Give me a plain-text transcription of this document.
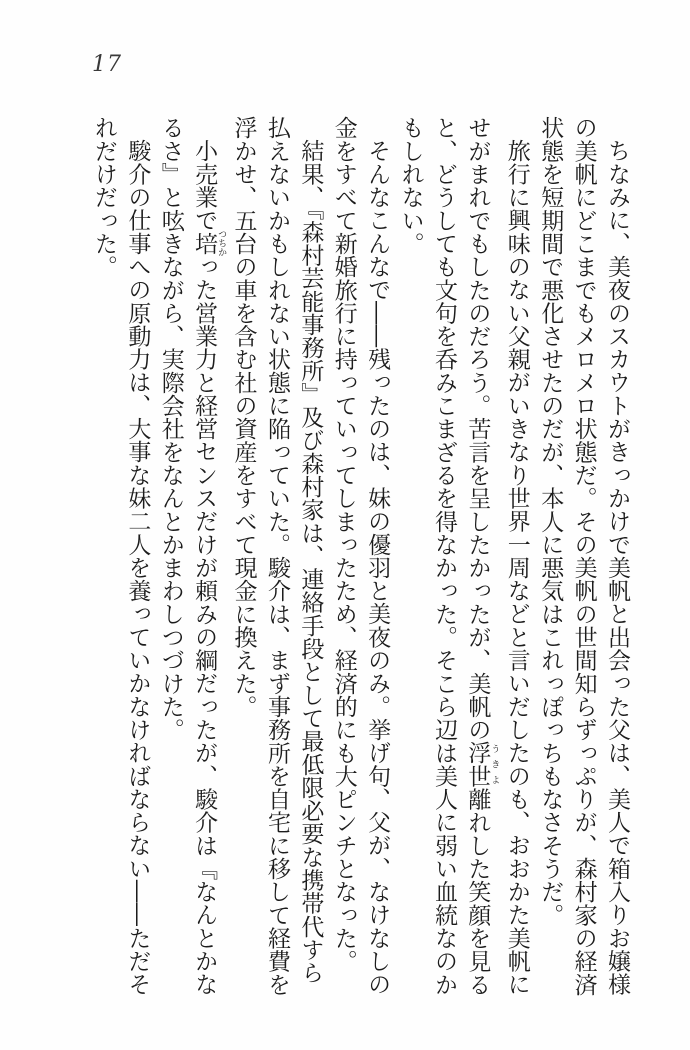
17

ちなみに、美夜のスカウトがきっかけで美帆と出会った父は、美人で箱入りお嬢様

の美帆にどこまでもメロメロ状態だ。その美帆の世間知らずっぷりが、森村家の経済

状態を短期間で悪化させたのだが、本人に悪気はこれっぽっちもなさそうだ。

旅行に興味のない父親がいきなり世界一周などと言いだしたのも、おおかた美帆に

せがまれでもしたのだろう。苦言を呈したかったが、美帆の浮世 うきよ離れした笑顔を見る

と、どうしても文句を呑みこまざるを得なかった。そこら辺は美人に弱い血統なのか

もしれない。

そんなこんなで――残ったのは、妹の優羽と美夜のみ。挙げ句、父が、なけなしの

金をすべて新婚旅行に持っていってしまったため、経済的にも大ピンチとなった。

結果、『森村芸能事務所』及び森村家は、連絡手段として最低限必要な携帯代すら

払えないかもしれない状態に陥っていた。駿介は、まず事務所を自宅に移して経費を

浮かせ、五台の車を含む社の資産をすべて現金に換えた。

小売業で培 つちかった営業力と経営センスだけが頼みの綱だったが、駿介は『なんとかな

るさ』と呟きながら、実際会社をなんとかまわしつづけた。

駿介の仕事への原動力は、大事な妹二人を養っていかなければならない――ただそ

れだけだった。
